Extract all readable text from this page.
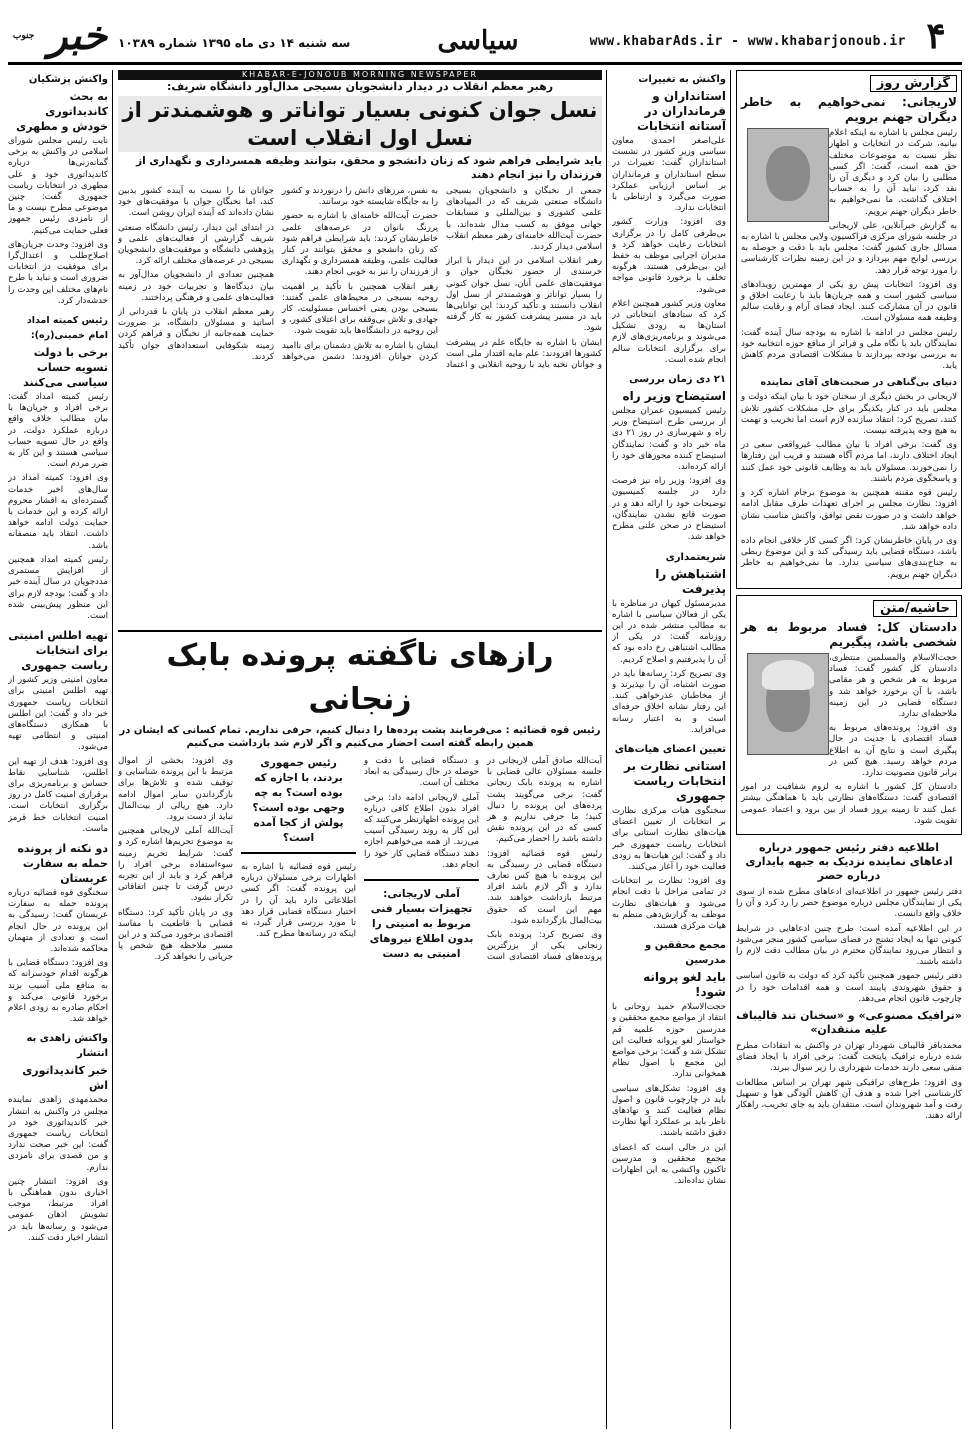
۴
www.khabarAds.ir - www.khabarjonoub.ir
سیاسی
سه شنبه ۱۴ دی ماه ۱۳۹۵ شماره ۱۰۳۸۹
خبر $^{جنوب}$
گزارش روز
لاریجانی: نمی‌خواهیم به خاطر دیگران جهنم برویم

رئیس مجلس با اشاره به اینکه اعلام بیانیه، شرکت در انتخابات و اظهار نظر نسبت به موضوعات مختلف حق همه است، گفت: اگر کسی مطلبی را بیان کرد و دیگری آن را نقد کرد، نباید آن را به حساب اختلاف گذاشت. ما نمی‌خواهیم به خاطر دیگران جهنم برویم.

به گزارش خبرآنلاین، علی لاریجانی در جلسه شورای مرکزی فراکسیون ولایی مجلس با اشاره به مسائل جاری کشور گفت: مجلس باید با دقت و حوصله به بررسی لوایح مهم بپردازد و در این زمینه نظرات کارشناسی را مورد توجه قرار دهد.

وی افزود: انتخابات پیش رو یکی از مهمترین رویدادهای سیاسی کشور است و همه جریان‌ها باید با رعایت اخلاق و قانون در آن مشارکت کنند. ایجاد فضای آرام و رقابت سالم وظیفه همه مسئولان است.

رئیس مجلس در ادامه با اشاره به بودجه سال آینده گفت: نمایندگان باید با نگاه ملی و فراتر از منافع حوزه انتخابیه خود به بررسی بودجه بپردازند تا مشکلات اقتصادی مردم کاهش یابد.

دنیای بی‌گناهی در صحبت‌های آقای نماینده

لاریجانی در بخش دیگری از سخنان خود با بیان اینکه دولت و مجلس باید در کنار یکدیگر برای حل مشکلات کشور تلاش کنند، تصریح کرد: انتقاد سازنده لازم است اما تخریب و تهمت به هیچ وجه پذیرفته نیست.

وی گفت: برخی افراد با بیان مطالب غیرواقعی سعی در ایجاد اختلاف دارند، اما مردم آگاه هستند و فریب این رفتارها را نمی‌خورند. مسئولان باید به وظایف قانونی خود عمل کنند و پاسخگوی مردم باشند.

رئیس قوه مقننه همچنین به موضوع برجام اشاره کرد و افزود: نظارت مجلس بر اجرای تعهدات طرف مقابل ادامه خواهد داشت و در صورت نقض توافق، واکنش مناسب نشان داده خواهد شد.

وی در پایان خاطرنشان کرد: اگر کسی کار خلافی انجام داده باشد، دستگاه قضایی باید رسیدگی کند و این موضوع ربطی به جناح‌بندی‌های سیاسی ندارد. ما نمی‌خواهیم به خاطر دیگران جهنم برویم.

حاشیه/متن
دادستان کل: فساد مربوط به هر شخصی باشد، پیگیریم

حجت‌الاسلام والمسلمین منتظری، دادستان کل کشور گفت: فساد مربوط به هر شخص و هر مقامی باشد، با آن برخورد خواهد شد و دستگاه قضایی در این زمینه ملاحظه‌ای ندارد.

وی افزود: پرونده‌های مربوط به فساد اقتصادی با جدیت در حال پیگیری است و نتایج آن به اطلاع مردم خواهد رسید. هیچ کس در برابر قانون مصونیت ندارد.

دادستان کل کشور با اشاره به لزوم شفافیت در امور اقتصادی گفت: دستگاه‌های نظارتی باید با هماهنگی بیشتر عمل کنند تا زمینه بروز فساد از بین برود و اعتماد عمومی تقویت شود.

اطلاعیه دفتر رئیس جمهور درباره ادعاهای نماینده نزدیک به جبهه پایداری درباره حصر

دفتر رئیس جمهور در اطلاعیه‌ای ادعاهای مطرح شده از سوی یکی از نمایندگان مجلس درباره موضوع حصر را رد کرد و آن را خلاف واقع دانست.

در این اطلاعیه آمده است: طرح چنین ادعاهایی در شرایط کنونی تنها به ایجاد تشنج در فضای سیاسی کشور منجر می‌شود و انتظار می‌رود نمایندگان محترم در بیان مطالب دقت لازم را داشته باشند.

دفتر رئیس جمهور همچنین تأکید کرد که دولت به قانون اساسی و حقوق شهروندی پایبند است و همه اقدامات خود را در چارچوب قانون انجام می‌دهد.

«ترافیک مصنوعی» و «سخنان تند قالیباف علیه منتقدان»

محمدباقر قالیباف شهردار تهران در واکنش به انتقادات مطرح شده درباره ترافیک پایتخت گفت: برخی افراد با ایجاد فضای منفی سعی دارند خدمات شهرداری را زیر سوال ببرند.

وی افزود: طرح‌های ترافیکی شهر تهران بر اساس مطالعات کارشناسی اجرا شده و هدف آن کاهش آلودگی هوا و تسهیل رفت و آمد شهروندان است. منتقدان باید به جای تخریب، راهکار ارائه دهند.

واکنش به تغییرات
استانداران و فرمانداران در آستانه انتخابات

علی‌اصغر احمدی معاون سیاسی وزیر کشور در نشست استانداران گفت: تغییرات در سطح استانداران و فرمانداران بر اساس ارزیابی عملکرد صورت می‌گیرد و ارتباطی با انتخابات ندارد.

وی افزود: وزارت کشور بی‌طرفی کامل را در برگزاری انتخابات رعایت خواهد کرد و مدیران اجرایی موظف به حفظ این بی‌طرفی هستند. هرگونه تخلف با برخورد قانونی مواجه می‌شود.

معاون وزیر کشور همچنین اعلام کرد که ستادهای انتخاباتی در استان‌ها به زودی تشکیل می‌شوند و برنامه‌ریزی‌های لازم برای برگزاری انتخابات سالم انجام شده است.

۲۱ دی زمان بررسی
استیضاح وزیر راه

رئیس کمیسیون عمران مجلس از بررسی طرح استیضاح وزیر راه و شهرسازی در روز ۲۱ دی ماه خبر داد و گفت: نمایندگان استیضاح کننده محورهای خود را ارائه کرده‌اند.

وی افزود: وزیر راه نیز فرصت دارد در جلسه کمیسیون توضیحات خود را ارائه دهد و در صورت قانع نشدن نمایندگان، استیضاح در صحن علنی مطرح خواهد شد.

شریعتمداری
اشتباهش را پذیرفت

مدیرمسئول کیهان در مناظره با یکی از فعالان سیاسی با اشاره به مطالب منتشر شده در این روزنامه گفت: در یکی از مطالب اشتباهی رخ داده بود که آن را پذیرفتیم و اصلاح کردیم.

وی تصریح کرد: رسانه‌ها باید در صورت اشتباه، آن را بپذیرند و از مخاطبان عذرخواهی کنند. این رفتار نشانه اخلاق حرفه‌ای است و به اعتبار رسانه می‌افزاید.

تعیین اعضای هیات‌های
استانی نظارت بر انتخابات ریاست جمهوری

سخنگوی هیات مرکزی نظارت بر انتخابات از تعیین اعضای هیات‌های نظارت استانی برای انتخابات ریاست جمهوری خبر داد و گفت: این هیات‌ها به زودی فعالیت خود را آغاز می‌کنند.

وی افزود: نظارت بر انتخابات در تمامی مراحل با دقت انجام می‌شود و هیات‌های نظارت موظف به گزارش‌دهی منظم به هیات مرکزی هستند.

مجمع محققین و مدرسین
باید لغو پروانه شود!

حجت‌الاسلام حمید روحانی با انتقاد از مواضع مجمع محققین و مدرسین حوزه علمیه قم خواستار لغو پروانه فعالیت این تشکل شد و گفت: برخی مواضع این مجمع با اصول نظام همخوانی ندارد.

وی افزود: تشکل‌های سیاسی باید در چارچوب قانون و اصول نظام فعالیت کنند و نهادهای ناظر باید بر عملکرد آنها نظارت دقیق داشته باشند.

این در حالی است که اعضای مجمع محققین و مدرسین تاکنون واکنشی به این اظهارات نشان نداده‌اند.

KHABAR-E-JONOUB MORNING NEWSPAPER
رهبر معظم انقلاب در دیدار دانشجویان بسیجی مدال‌آور دانشگاه شریف:
نسل جوان کنونی بسیار تواناتر و هوشمندتر از نسل اول انقلاب است
باید شرایطی فراهم شود که زنان دانشجو و محقق، بتوانند وظیفه همسرداری و نگهداری از فرزندان را نیز انجام دهند

جمعی از نخبگان و دانشجویان بسیجی دانشگاه صنعتی شریف که در المپیادهای علمی کشوری و بین‌المللی و مسابقات جهانی موفق به کسب مدال شده‌اند، با حضرت آیت‌الله خامنه‌ای رهبر معظم انقلاب اسلامی دیدار کردند.

رهبر انقلاب اسلامی در این دیدار با ابراز خرسندی از حضور نخبگان جوان و موفقیت‌های علمی آنان، نسل جوان کنونی را بسیار تواناتر و هوشمندتر از نسل اول انقلاب دانستند و تأکید کردند: این توانایی‌ها باید در مسیر پیشرفت کشور به کار گرفته شود.

ایشان با اشاره به جایگاه علم در پیشرفت کشورها افزودند: علم مایه اقتدار ملی است و جوانان نخبه باید با روحیه انقلابی و اعتماد به نفس، مرزهای دانش را درنوردند و کشور را به جایگاه شایسته خود برسانند.

حضرت آیت‌الله خامنه‌ای با اشاره به حضور پررنگ بانوان در عرصه‌های علمی خاطرنشان کردند: باید شرایطی فراهم شود که زنان دانشجو و محقق بتوانند در کنار فعالیت علمی، وظیفه همسرداری و نگهداری از فرزندان را نیز به خوبی انجام دهند.

رهبر انقلاب همچنین با تأکید بر اهمیت روحیه بسیجی در محیط‌های علمی گفتند: بسیجی بودن یعنی احساس مسئولیت، کار جهادی و تلاش بی‌وقفه برای اعتلای کشور، و این روحیه در دانشگاه‌ها باید تقویت شود.

ایشان با اشاره به تلاش دشمنان برای ناامید کردن جوانان افزودند: دشمن می‌خواهد جوانان ما را نسبت به آینده کشور بدبین کند، اما نخبگان جوان با موفقیت‌های خود نشان داده‌اند که آینده ایران روشن است.

در ابتدای این دیدار، رئیس دانشگاه صنعتی شریف گزارشی از فعالیت‌های علمی و پژوهشی دانشگاه و موفقیت‌های دانشجویان بسیجی در عرصه‌های مختلف ارائه کرد.

همچنین تعدادی از دانشجویان مدال‌آور به بیان دیدگاه‌ها و تجربیات خود در زمینه فعالیت‌های علمی و فرهنگی پرداختند.

رهبر معظم انقلاب در پایان با قدردانی از اساتید و مسئولان دانشگاه، بر ضرورت حمایت همه‌جانبه از نخبگان و فراهم کردن زمینه شکوفایی استعدادهای جوان تأکید کردند.

رازهای ناگفته پرونده بابک زنجانی
رئیس قوه قضائیه : می‌فرمایند پشت پرده‌ها را دنبال کنیم، حرفی نداریم. تمام کسانی که ایشان در همین رابطه گفته است احضار می‌کنیم و اگر لازم شد بازداشت می‌کنیم

آیت‌الله صادق آملی لاریجانی در جلسه مسئولان عالی قضایی با اشاره به پرونده بابک زنجانی گفت: برخی می‌گویند پشت پرده‌های این پرونده را دنبال کنید؛ ما حرفی نداریم و هر کسی که در این پرونده نقش داشته باشد را احضار می‌کنیم.

رئیس قوه قضائیه افزود: دستگاه قضایی در رسیدگی به این پرونده با هیچ کس تعارف ندارد و اگر لازم باشد افراد مرتبط بازداشت خواهند شد. مهم این است که حقوق بیت‌المال بازگردانده شود.

وی تصریح کرد: پرونده بابک زنجانی یکی از بزرگترین پرونده‌های فساد اقتصادی است و دستگاه قضایی با دقت و حوصله در حال رسیدگی به ابعاد مختلف آن است.

آملی لاریجانی ادامه داد: برخی افراد بدون اطلاع کافی درباره این پرونده اظهارنظر می‌کنند که این کار به روند رسیدگی آسیب می‌زند. از همه می‌خواهیم اجازه دهند دستگاه قضایی کار خود را انجام دهد.

آملی لاریجانی: تجهیزات بسیار فنی مربوط به امنیتی را بدون اطلاع نیروهای امنیتی به دست رئیس جمهوری بردند، با اجازه که بوده است؟ به چه وجهی بوده است؟ پولش از کجا آمده است؟

رئیس قوه قضائیه با اشاره به اظهارات برخی مسئولان درباره این پرونده گفت: اگر کسی اطلاعاتی دارد باید آن را در اختیار دستگاه قضایی قرار دهد تا مورد بررسی قرار گیرد، نه اینکه در رسانه‌ها مطرح کند.

وی افزود: بخشی از اموال مرتبط با این پرونده شناسایی و توقیف شده و تلاش‌ها برای بازگرداندن سایر اموال ادامه دارد. هیچ ریالی از بیت‌المال نباید از دست برود.

آیت‌الله آملی لاریجانی همچنین به موضوع تحریم‌ها اشاره کرد و گفت: شرایط تحریم زمینه سوءاستفاده برخی افراد را فراهم کرد و باید از این تجربه درس گرفت تا چنین اتفاقاتی تکرار نشود.

وی در پایان تأکید کرد: دستگاه قضایی با قاطعیت با مفاسد اقتصادی برخورد می‌کند و در این مسیر ملاحظه هیچ شخص یا جریانی را نخواهد کرد.

واکنش پزشکیان
به بحث کاندیداتوری خودش و مطهری

نایب رئیس مجلس شورای اسلامی در واکنش به برخی گمانه‌زنی‌ها درباره کاندیداتوری خود و علی مطهری در انتخابات ریاست جمهوری گفت: چنین موضوعی مطرح نیست و ما از نامزدی رئیس جمهور فعلی حمایت می‌کنیم.

وی افزود: وحدت جریان‌های اصلاح‌طلب و اعتدال‌گرا برای موفقیت در انتخابات ضروری است و نباید با طرح نام‌های مختلف این وحدت را خدشه‌دار کرد.

رئیس کمیته امداد امام خمینی(ره):
برخی با دولت تسویه حساب سیاسی می‌کنند

رئیس کمیته امداد گفت: برخی افراد و جریان‌ها با بیان مطالب خلاف واقع درباره عملکرد دولت، در واقع در حال تسویه حساب سیاسی هستند و این کار به ضرر مردم است.

وی افزود: کمیته امداد در سال‌های اخیر خدمات گسترده‌ای به اقشار محروم ارائه کرده و این خدمات با حمایت دولت ادامه خواهد داشت. انتقاد باید منصفانه باشد.

رئیس کمیته امداد همچنین از افزایش مستمری مددجویان در سال آینده خبر داد و گفت: بودجه لازم برای این منظور پیش‌بینی شده است.

تهیه اطلس امنیتی برای انتخابات ریاست جمهوری

معاون امنیتی وزیر کشور از تهیه اطلس امنیتی برای انتخابات ریاست جمهوری خبر داد و گفت: این اطلس با همکاری دستگاه‌های امنیتی و انتظامی تهیه می‌شود.

وی افزود: هدف از تهیه این اطلس، شناسایی نقاط حساس و برنامه‌ریزی برای برقراری امنیت کامل در روز برگزاری انتخابات است. امنیت انتخابات خط قرمز ماست.

دو نکته از پرونده حمله به سفارت عربستان

سخنگوی قوه قضائیه درباره پرونده حمله به سفارت عربستان گفت: رسیدگی به این پرونده در حال انجام است و تعدادی از متهمان محاکمه شده‌اند.

وی افزود: دستگاه قضایی با هرگونه اقدام خودسرانه که به منافع ملی آسیب بزند برخورد قانونی می‌کند و احکام صادره به زودی اعلام خواهد شد.

واکنش زاهدی به انتشار
خبر کاندیداتوری اش

محمدمهدی زاهدی نماینده مجلس در واکنش به انتشار خبر کاندیداتوری خود در انتخابات ریاست جمهوری گفت: این خبر صحت ندارد و من قصدی برای نامزدی ندارم.

وی افزود: انتشار چنین اخباری بدون هماهنگی با افراد مرتبط، موجب تشویش اذهان عمومی می‌شود و رسانه‌ها باید در انتشار اخبار دقت کنند.
